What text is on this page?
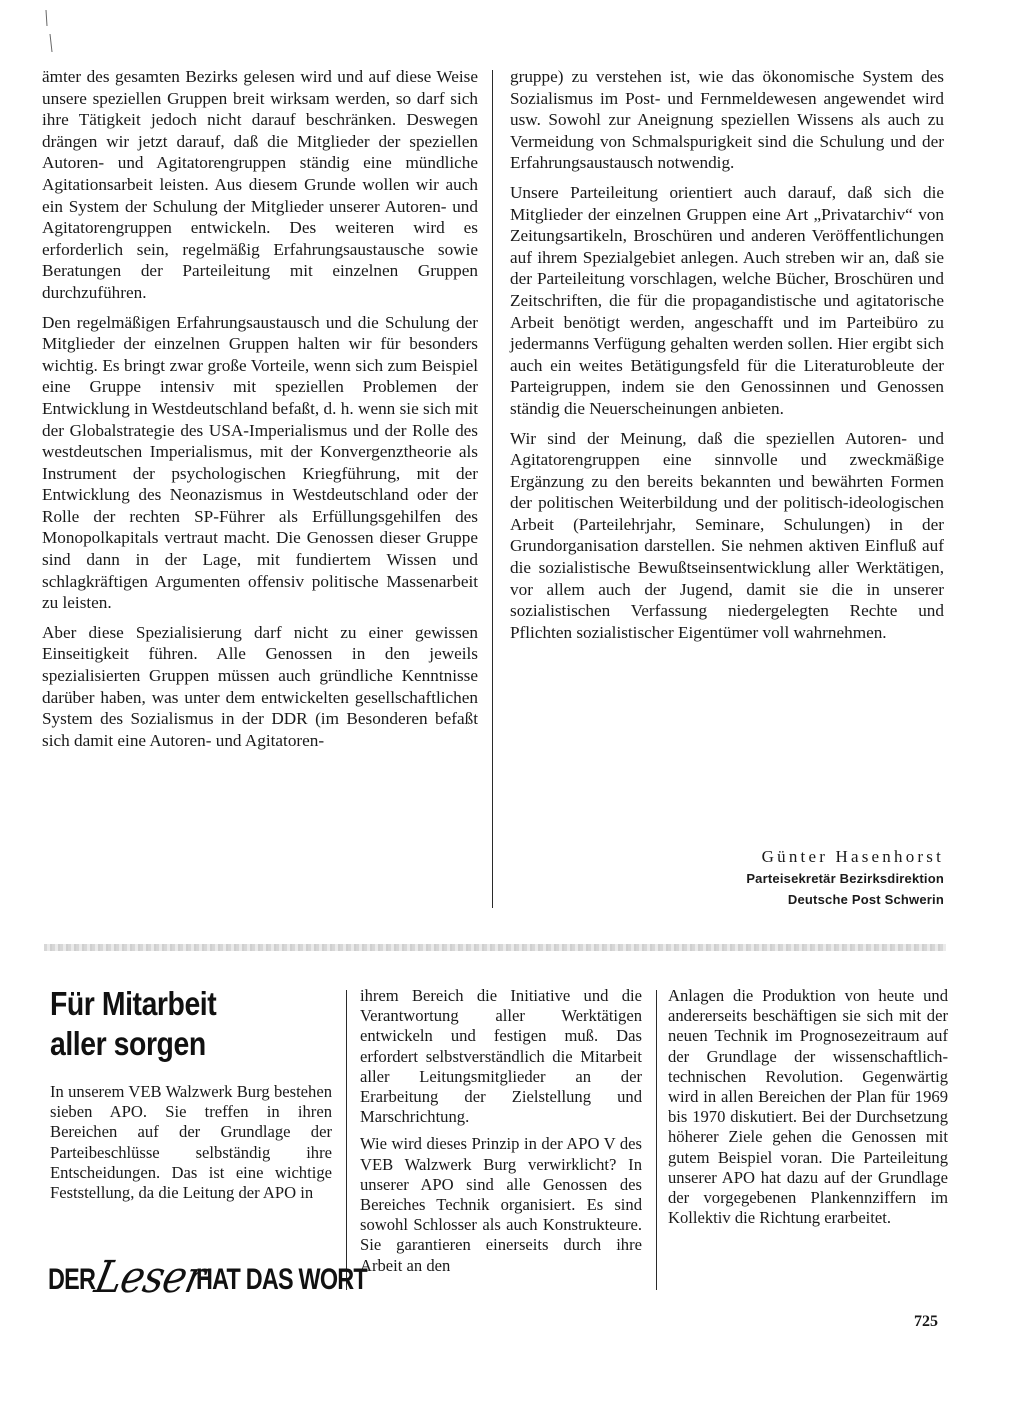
ämter des gesamten Bezirks gelesen wird und auf diese Weise unsere speziellen Gruppen breit wirksam werden, so darf sich ihre Tätigkeit jedoch nicht darauf beschränken. Deswegen drängen wir jetzt darauf, daß die Mitglieder der speziellen Autoren- und Agitatorengruppen ständig eine mündliche Agitationsarbeit leisten. Aus diesem Grunde wollen wir auch ein System der Schulung der Mitglieder unserer Autoren- und Agitatorengruppen entwickeln. Des weiteren wird es erforderlich sein, regelmäßig Erfahrungsaustausche sowie Beratungen der Parteileitung mit einzelnen Gruppen durchzuführen.

Den regelmäßigen Erfahrungsaustausch und die Schulung der Mitglieder der einzelnen Gruppen halten wir für besonders wichtig. Es bringt zwar große Vorteile, wenn sich zum Beispiel eine Gruppe intensiv mit speziellen Problemen der Entwicklung in Westdeutschland befaßt, d. h. wenn sie sich mit der Globalstrategie des USA-Imperialismus und der Rolle des westdeutschen Imperialismus, mit der Konvergenztheorie als Instrument der psychologischen Kriegführung, mit der Entwicklung des Neonazismus in Westdeutschland oder der Rolle der rechten SP-Führer als Erfüllungsgehilfen des Monopolkapitals vertraut macht. Die Genossen dieser Gruppe sind dann in der Lage, mit fundiertem Wissen und schlagkräftigen Argumenten offensiv politische Massenarbeit zu leisten.

Aber diese Spezialisierung darf nicht zu einer gewissen Einseitigkeit führen. Alle Genossen in den jeweils spezialisierten Gruppen müssen auch gründliche Kenntnisse darüber haben, was unter dem entwickelten gesellschaftlichen System des Sozialismus in der DDR (im Besonderen befaßt sich damit eine Autoren- und Agitatoren-

gruppe) zu verstehen ist, wie das ökonomische System des Sozialismus im Post- und Fernmeldewesen angewendet wird usw. Sowohl zur Aneignung speziellen Wissens als auch zu Vermeidung von Schmalspurigkeit sind die Schulung und der Erfahrungsaustausch notwendig.

Unsere Parteileitung orientiert auch darauf, daß sich die Mitglieder der einzelnen Gruppen eine Art „Privatarchiv“ von Zeitungsartikeln, Broschüren und anderen Veröffentlichungen auf ihrem Spezialgebiet anlegen. Auch streben wir an, daß sie der Parteileitung vorschlagen, welche Bücher, Broschüren und Zeitschriften, die für die propagandistische und agitatorische Arbeit benötigt werden, angeschafft und im Parteibüro zu jedermanns Verfügung gehalten werden sollen. Hier ergibt sich auch ein weites Betätigungsfeld für die Literaturobleute der Parteigruppen, indem sie den Genossinnen und Genossen ständig die Neuerscheinungen anbieten.

Wir sind der Meinung, daß die speziellen Autoren- und Agitatorengruppen eine sinnvolle und zweckmäßige Ergänzung zu den bereits bekannten und bewährten Formen der politischen Weiterbildung und der politisch-ideologischen Arbeit (Parteilehrjahr, Seminare, Schulungen) in der Grundorganisation darstellen. Sie nehmen aktiven Einfluß auf die sozialistische Bewußtseinsentwicklung aller Werktätigen, vor allem auch der Jugend, damit sie die in unserer sozialistischen Verfassung niedergelegten Rechte und Pflichten sozialistischer Eigentümer voll wahrnehmen.

Günter Hasenhorst
Parteisekretär Bezirksdirektion
Deutsche Post Schwerin
Für Mitarbeit
aller sorgen

In unserem VEB Walzwerk Burg bestehen sieben APO. Sie treffen in ihren Bereichen auf der Grundlage der Parteibeschlüsse selbständig ihre Entscheidungen. Das ist eine wichtige Feststellung, da die Leitung der APO in

ihrem Bereich die Initiative und die Verantwortung aller Werktätigen entwickeln und festigen muß. Das erfordert selbstverständlich die Mitarbeit aller Leitungsmitglieder an der Erarbeitung der Zielstellung und Marschrichtung.

Wie wird dieses Prinzip in der APO V des VEB Walzwerk Burg verwirklicht? In unserer APO sind alle Genossen des Bereiches Technik organisiert. Es sind sowohl Schlosser als auch Konstrukteure. Sie garantieren einerseits durch ihre Arbeit an den

Anlagen die Produktion von heute und andererseits beschäftigen sie sich mit der neuen Technik im Prognosezeitraum auf der Grundlage der wissenschaftlich-technischen Revolution. Gegenwärtig wird in allen Bereichen der Plan für 1969 bis 1970 diskutiert. Bei der Durchsetzung höherer Ziele gehen die Genossen mit gutem Beispiel voran. Die Parteileitung unserer APO hat dazu auf der Grundlage der vorgegebenen Plankennziffern im Kollektiv die Richtung erarbeitet.

DER
Leser
HAT DAS WORT
725
